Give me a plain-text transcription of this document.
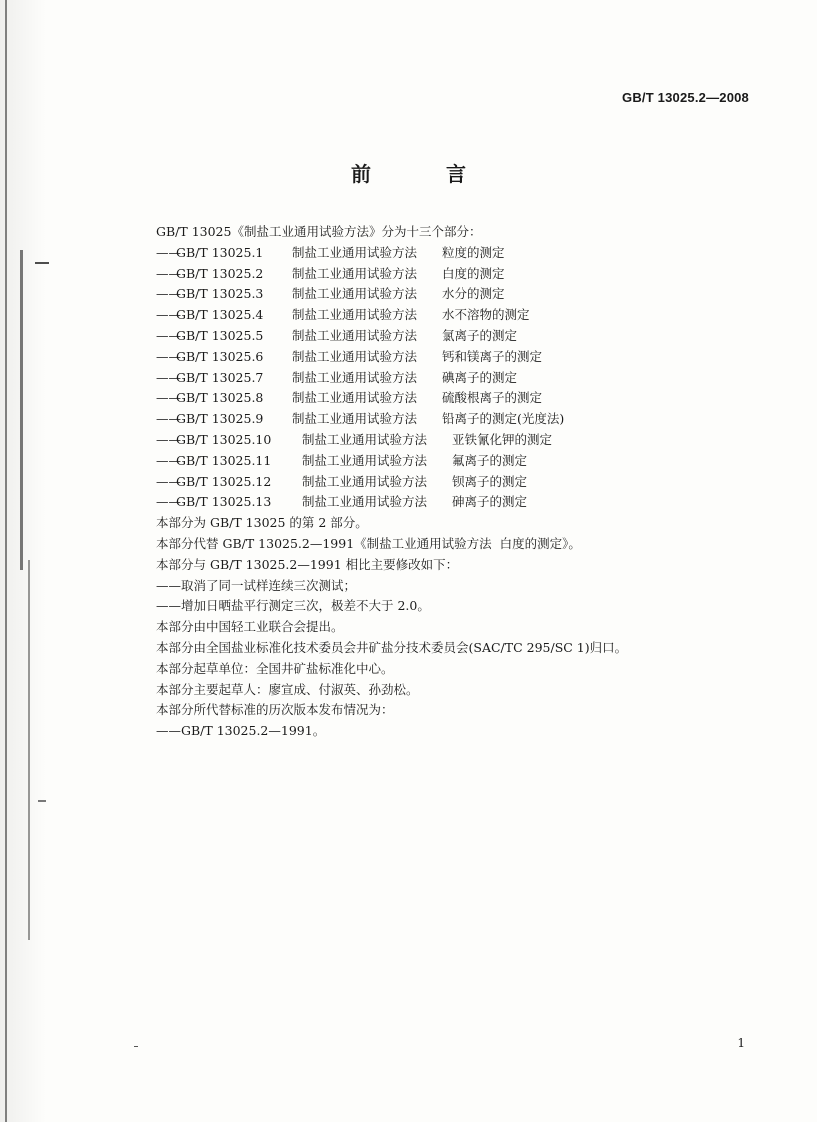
GB/T 13025.2—2008
前 言
GB/T 13025《制盐工业通用试验方法》分为十三个部分：
——
GB/T 13025.1	制盐工业通用试验方法	粒度的测定
——
GB/T 13025.2	制盐工业通用试验方法	白度的测定
——
GB/T 13025.3	制盐工业通用试验方法	水分的测定
——
GB/T 13025.4	制盐工业通用试验方法	水不溶物的测定
——
GB/T 13025.5	制盐工业通用试验方法	氯离子的测定
——
GB/T 13025.6	制盐工业通用试验方法	钙和镁离子的测定
——
GB/T 13025.7	制盐工业通用试验方法	碘离子的测定
——
GB/T 13025.8	制盐工业通用试验方法	硫酸根离子的测定
——
GB/T 13025.9	制盐工业通用试验方法	铅离子的测定(光度法)
——
GB/T 13025.10	制盐工业通用试验方法	亚铁氰化钾的测定
——
GB/T 13025.11	制盐工业通用试验方法	氟离子的测定
——
GB/T 13025.12	制盐工业通用试验方法	钡离子的测定
——
GB/T 13025.13	制盐工业通用试验方法	砷离子的测定
本部分为 GB/T 13025 的第 2 部分。
本部分代替 GB/T 13025.2—1991《制盐工业通用试验方法  白度的测定》。
本部分与 GB/T 13025.2—1991 相比主要修改如下：
——取消了同一试样连续三次测试；
——增加日晒盐平行测定三次，极差不大于 2.0。
本部分由中国轻工业联合会提出。
本部分由全国盐业标准化技术委员会井矿盐分技术委员会(SAC/TC 295/SC 1)归口。
本部分起草单位：全国井矿盐标准化中心。
本部分主要起草人：廖宣成、付淑英、孙劲松。
本部分所代替标准的历次版本发布情况为：
——GB/T 13025.2—1991。
1
